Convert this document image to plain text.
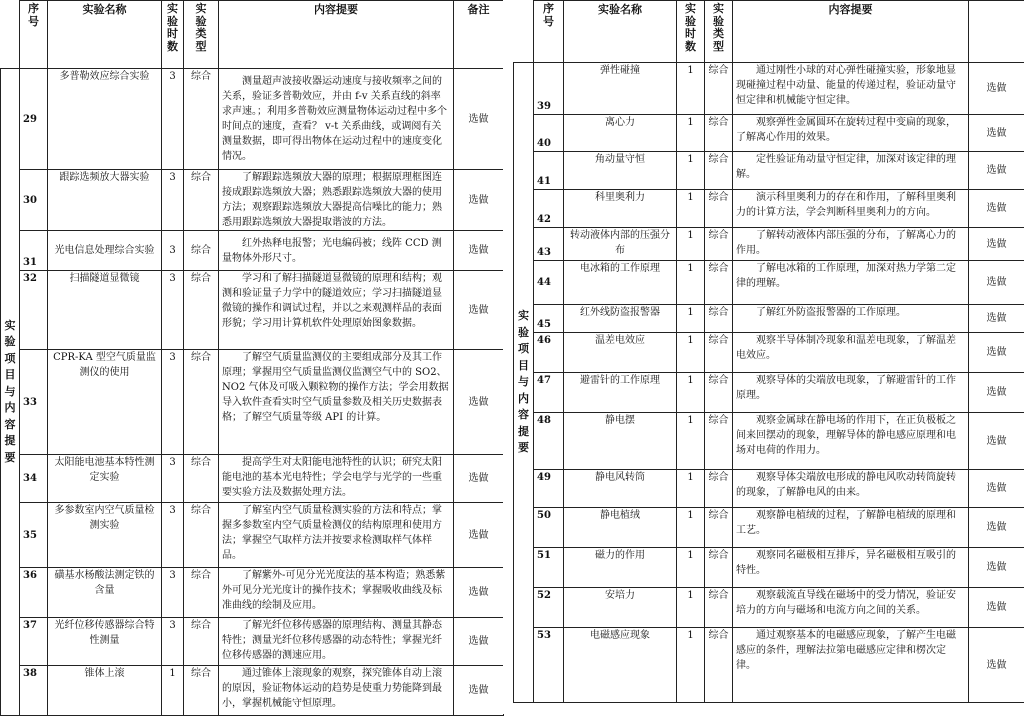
	序号	实验名称	实验时数	实验类型	内容提要	备注

实验项目与内容提要	29	多普勒效应综合实验	3	综合	测量超声波接收器运动速度与接收频率之间的关系，验证多普勒效应，并由 f-v 关系直线的斜率求声速。；利用多普勒效应测量物体运动过程中多个时间点的速度，查看？ v-t 关系曲线，或调阅有关测量数据，即可得出物体在运动过程中的速度变化情况。	选做
	30	跟踪选频放大器实验	3	综合	了解跟踪选频放大器的原理；根据原理框图连接成跟踪选频放大器；熟悉跟踪选频放大器的使用方法；观察跟踪选频放大器提高信噪比的能力；熟悉用跟踪选频放大器提取谐波的方法。	选做
	31	光电信息处理综合实验	3	综合	红外热释电报警；光电编码被；线阵 CCD 测量物体外形尺寸。	选做
	32	扫描隧道显微镜	3	综合	学习和了解扫描隧道显微镜的原理和结构；观测和验证量子力学中的隧道效应；学习扫描隧道显微镜的操作和调试过程，并以之来观测样品的表面形貌；学习用计算机软件处理原始图象数据。	选做
	33	CPR-KA 型空气质量监测仪的使用	3	综合	了解空气质量监测仪的主要组成部分及其工作原理；掌握用空气质量监测仪监测空气中的 SO2、NO2 气体及可吸入颗粒物的操作方法；学会用数据导入软件查看实时空气质量参数及相关历史数据表格；了解空气质量等级 API 的计算。	选做
	34	太阳能电池基本特性测定实验	3	综合	提高学生对太阳能电池特性的认识；研究太阳能电池的基本光电特性；学会电学与光学的一些重要实验方法及数据处理方法。	选做
	35	多参数室内空气质量检测实验	3	综合	了解室内空气质量检测实验的方法和特点；掌握多参数室内空气质量检测仪的结构原理和使用方法；掌握空气取样方法并按要求检测取样气体样品。	选做
	36	磺基水杨酸法测定铁的含量	3	综合	了解紫外-可见分光光度法的基本构造；熟悉紫外可见分光光度计的操作技术；掌握吸收曲线及标准曲线的绘制及应用。	选做
	37	光纤位移传感器综合特性测量	3	综合	了解光纤位移传感器的原理结构、测量其静态特性；测量光纤位移传感器的动态特性；掌握光纤位移传感器的测速应用。	选做
	38	锥体上滚	1	综合	通过锥体上滚现象的观察，探究锥体自动上滚的原因，验证物体运动的趋势是使重力势能降到最小，掌握机械能守恒原理。	选做

	序号	实验名称	实验时数	实验类型	内容提要	

实验项目与内容提要	39	弹性碰撞	1	综合	通过刚性小球的对心弹性碰撞实验，形象地显现碰撞过程中动量、能量的传递过程，验证动量守恒定律和机械能守恒定律。	选做
	40	离心力	1	综合	观察弹性金属圆环在旋转过程中变扁的现象，了解离心作用的效果。	选做
	41	角动量守恒	1	综合	定性验证角动量守恒定律，加深对该定律的理解。	选做
	42	科里奥利力	1	综合	演示科里奥利力的存在和作用，了解科里奥利力的计算方法，学会判断科里奥利力的方向。	选做
	43	转动液体内部的压强分布	1	综合	了解转动液体内部压强的分布，了解离心力的作用。	选做
	44	电冰箱的工作原理	1	综合	了解电冰箱的工作原理，加深对热力学第二定律的理解。	选做
	45	红外线防盗报警器	1	综合	了解红外防盗报警器的工作原理。	选做
	46	温差电效应	1	综合	观察半导体制冷现象和温差电现象，了解温差电效应。	选做
	47	避雷针的工作原理	1	综合	观察导体的尖端放电现象，了解避雷针的工作原理。	选做
	48	静电摆	1	综合	观察金属球在静电场的作用下，在正负极板之间来回摆动的现象，理解导体的静电感应原理和电场对电荷的作用力。	选做
	49	静电风转筒	1	综合	观察导体尖端放电形成的静电风吹动转筒旋转的现象，了解静电风的由来。	选做
	50	静电植绒	1	综合	观察静电植绒的过程，了解静电植绒的原理和工艺。	选做
	51	磁力的作用	1	综合	观察同名磁极相互排斥，异名磁极相互吸引的特性。	选做
	52	安培力	1	综合	观察载流直导线在磁场中的受力情况，验证安培力的方向与磁场和电流方向之间的关系。	选做
	53	电磁感应现象	1	综合	通过观察基本的电磁感应现象，了解产生电磁感应的条件，理解法拉第电磁感应定律和楞次定律。	选做
